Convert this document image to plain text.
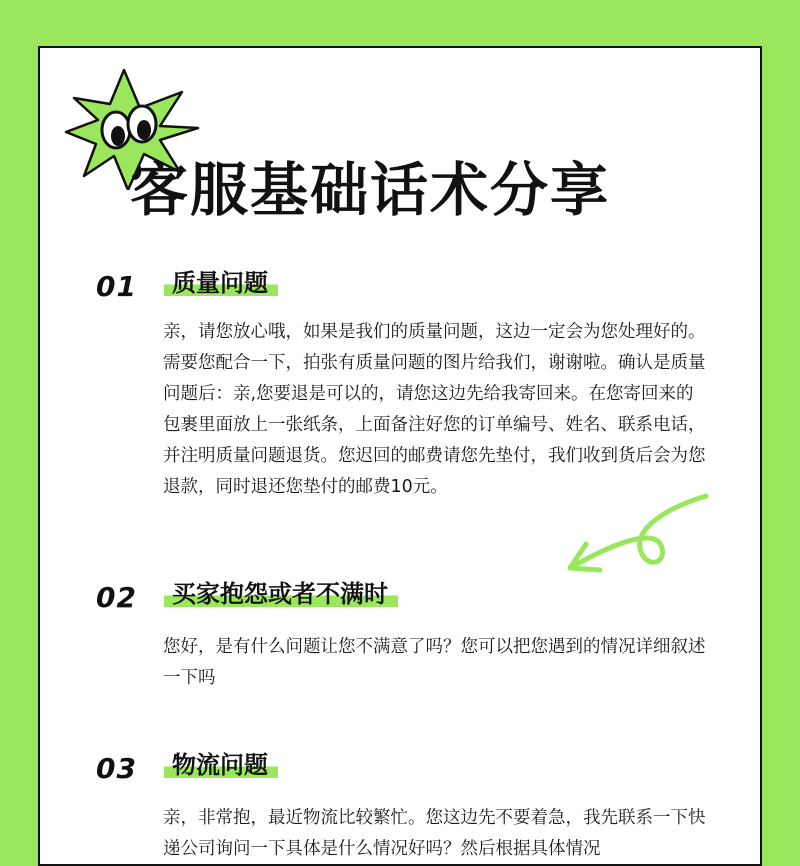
客服基础话术分享
01	质量问题

亲，请您放心哦，如果是我们的质量问题，这边一定会为您处理好的。需要您配合一下，拍张有质量问题的图片给我们，谢谢啦。确认是质量问题后：亲,您要退是可以的，请您这边先给我寄回来。在您寄回来的包裹里面放上一张纸条，上面备注好您的订单编号、姓名、联系电话，并注明质量问题退货。您迟回的邮费请您先垫付，我们收到货后会为您退款，同时退还您垫付的邮费10元。

02	买家抱怨或者不满时

您好，是有什么问题让您不满意了吗？您可以把您遇到的情况详细叙述一下吗

03	物流问题

亲，非常抱，最近物流比较繁忙。您这边先不要着急，我先联系一下快递公司询问一下具体是什么情况好吗？然后根据具体情况
